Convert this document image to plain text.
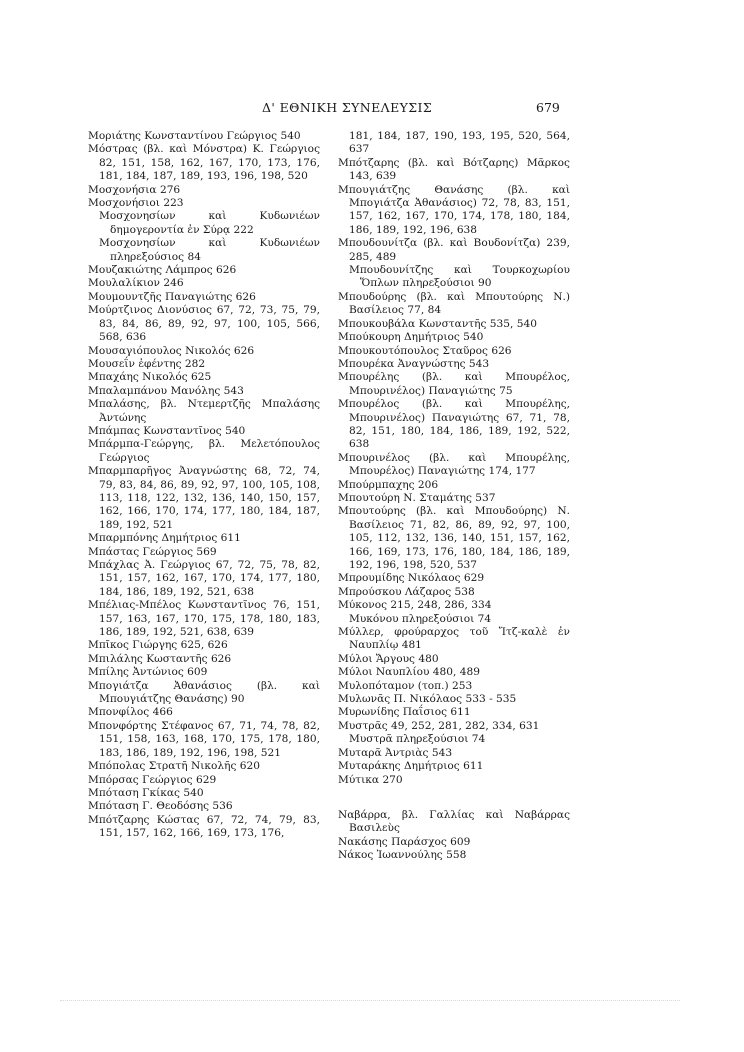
Δ' ΕΘΝΙΚΗ ΣΥΝΕΛΕΥΣΙΣ	679

Μοριάτης Κωνσταντίνου Γεώργιος 540

Μόστρας (βλ. καὶ Μόνστρα) Κ. Γεώργιος 82, 151, 158, 162, 167, 170, 173, 176, 181, 184, 187, 189, 193, 196, 198, 520

Μοσχονήσια 276

Μοσχονήσιοι 223

Μοσχονησίων καὶ Κυδωνιέων δημογεροντία ἐν Σύρᾳ 222

Μοσχονησίων καὶ Κυδωνιέων πληρεξούσιος 84

Μουζακιώτης Λάμπρος 626

Μουλαλίκιον 246

Μουμουντζῆς Παναγιώτης 626

Μούρτζινος Διονύσιος 67, 72, 73, 75, 79, 83, 84, 86, 89, 92, 97, 100, 105, 566, 568, 636

Μουσαγιόπουλος Νικολός 626

Μουσεΐν ἐφέντης 282

Μπαχάης Νικολός 625

Μπαλαμπάνου Μανόλης 543

Μπαλάσης, βλ. Ντεμερτζῆς Μπαλάσης Ἀντώνης

Μπάμπας Κωνσταντῖνος 540

Μπάρμπα-Γεώργης, βλ. Μελετόπουλος Γεώργιος

Μπαρμπαρῆγος Ἀναγνώστης 68, 72, 74, 79, 83, 84, 86, 89, 92, 97, 100, 105, 108, 113, 118, 122, 132, 136, 140, 150, 157, 162, 166, 170, 174, 177, 180, 184, 187, 189, 192, 521

Μπαρμπόνης Δημήτριος 611

Μπάστας Γεώργιος 569

Μπάχλας Ἀ. Γεώργιος 67, 72, 75, 78, 82, 151, 157, 162, 167, 170, 174, 177, 180, 184, 186, 189, 192, 521, 638

Μπέλιας-Μπέλος Κωνσταντῖνος 76, 151, 157, 163, 167, 170, 175, 178, 180, 183, 186, 189, 192, 521, 638, 639

Μπῖκος Γιώργης 625, 626

Μπιλάλης Κωσταντῆς 626

Μπίλης Ἀντώνιος 609

Μπογιάτζα Ἀθανάσιος (βλ. καὶ Μπουγιάτζης Θανάσης) 90

Μπονφίλος 466

Μπονφόρτης Στέφανος 67, 71, 74, 78, 82, 151, 158, 163, 168, 170, 175, 178, 180, 183, 186, 189, 192, 196, 198, 521

Μπόπολας Στρατῆ Νικολῆς 620

Μπόρσας Γεώργιος 629

Μπόταση Γκίκας 540

Μπόταση Γ. Θεοδόσης 536

Μπότζαρης Κώστας 67, 72, 74, 79, 83, 151, 157, 162, 166, 169, 173, 176,

181, 184, 187, 190, 193, 195, 520, 564, 637

Μπότζαρης (βλ. καὶ Βότζαρης) Μᾶρκος 143, 639

Μπουγιάτζης Θανάσης (βλ. καὶ Μπογιάτζα Ἀθανάσιος) 72, 78, 83, 151, 157, 162, 167, 170, 174, 178, 180, 184, 186, 189, 192, 196, 638

Μπουδουνίτζα (βλ. καὶ Βουδονίτζα) 239, 285, 489

Μπουδουνίτζης καὶ Τουρκοχωρίου Ὅπλων πληρεξούσιοι 90

Μπουδούρης (βλ. καὶ Μπουτούρης Ν.) Βασίλειος 77, 84

Μπουκουβάλα Κωνσταντῆς 535, 540

Μπούκουρη Δημήτριος 540

Μπουκουτόπουλος Σταῦρος 626

Μπουρέκα Ἀναγνώστης 543

Μπουρέλης (βλ. καὶ Μπουρέλος, Μπουρινέλος) Παναγιώτης 75

Μπουρέλος (βλ. καὶ Μπουρέλης, Μπουρινέλος) Παναγιώτης 67, 71, 78, 82, 151, 180, 184, 186, 189, 192, 522, 638

Μπουρινέλος (βλ. καὶ Μπουρέλης, Μπουρέλος) Παναγιώτης 174, 177

Μπούρμπαχης 206

Μπουτούρη Ν. Σταμάτης 537

Μπουτούρης (βλ. καὶ Μπουδούρης) Ν. Βασίλειος 71, 82, 86, 89, 92, 97, 100, 105, 112, 132, 136, 140, 151, 157, 162, 166, 169, 173, 176, 180, 184, 186, 189, 192, 196, 198, 520, 537

Μπρουμίδης Νικόλαος 629

Μπρούσκου Λάζαρος 538

Μύκονος 215, 248, 286, 334

Μυκόνου πληρεξούσιοι 74

Μύλλερ, φρούραρχος τοῦ Ἴτζ-καλὲ ἐν Ναυπλίῳ 481

Μύλοι Ἄργους 480

Μύλοι Ναυπλίου 480, 489

Μυλοπόταμον (τοπ.) 253

Μυλωνᾶς Π. Νικόλαος 533 - 535

Μυρωνίδης Παΐσιος 611

Μυστρᾶς 49, 252, 281, 282, 334, 631

Μυστρᾶ πληρεξούσιοι 74

Μυταρᾶ Ἀντριὰς 543

Μυταράκης Δημήτριος 611

Μύτικα 270

Ναβάρρα, βλ. Γαλλίας καὶ Ναβάρρας Βασιλεὺς

Νακάσης Παράσχος 609

Νάκος Ἰωαννούλης 558
